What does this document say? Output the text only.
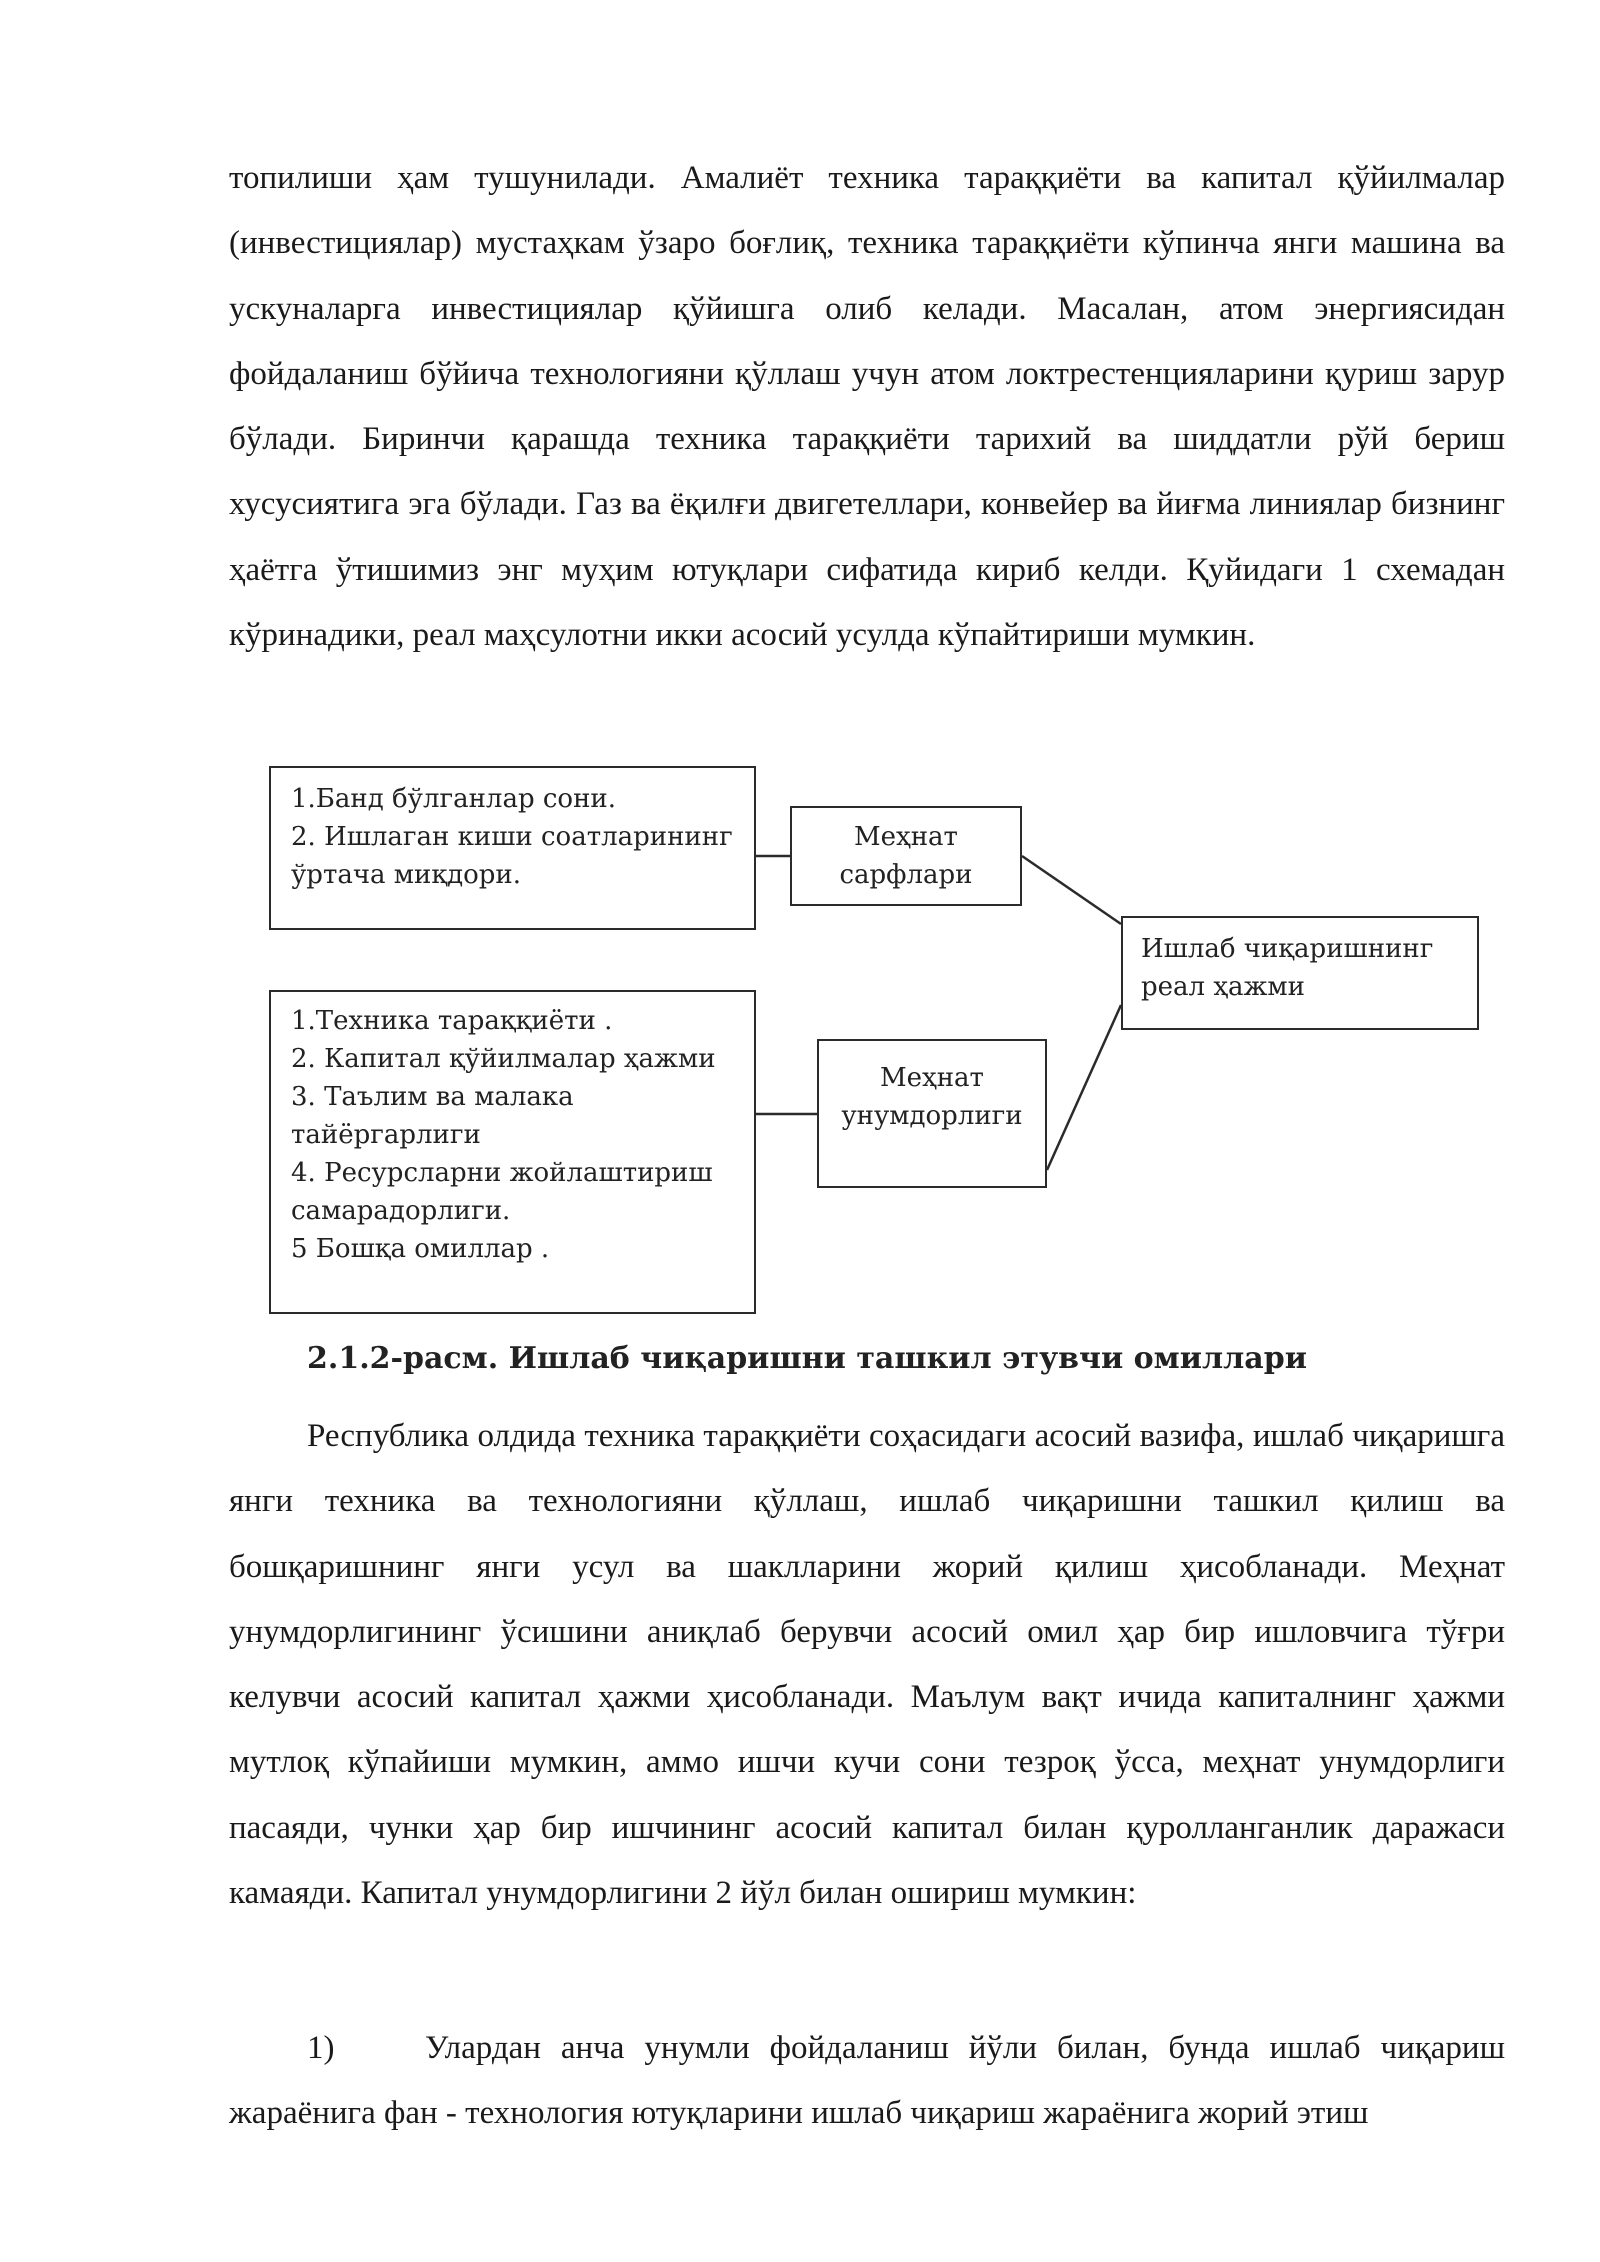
топилиши ҳам тушунилади. Амалиёт техника тараққиёти ва капитал қўйилмалар (инвестициялар) мустаҳкам ўзаро боғлиқ, техника тараққиёти кўпинча янги машина ва ускуналарга инвестициялар қўйишга олиб келади. Масалан, атом энергиясидан фойдаланиш бўйича технологияни қўллаш учун атом локтрестенцияларини қуриш зарур бўлади. Биринчи қарашда техника тараққиёти тарихий ва шиддатли рўй бериш хусусиятига эга бўлади. Газ ва ёқилғи двигетеллари, конвейер ва йиғма линиялар бизнинг ҳаётга ўтишимиз энг муҳим ютуқлари сифатида кириб келди. Қуйидаги 1 схемадан кўринадики, реал маҳсулотни икки асосий усулда кўпайтириши мумкин.

1.Банд бўлганлар сони.
2. Ишлаган киши соатларининг
ўртача миқдори.
1.Техника тараққиёти .
2. Капитал қўйилмалар ҳажми
3. Таълим ва малака
тайёргарлиги
4. Ресурсларни жойлаштириш
самарадорлиги.
5 Бошқа омиллар .
Меҳнат
сарфлари
Меҳнат
унумдорлиги
Ишлаб чиқаришнинг
реал ҳажми
2.1.2-расм. Ишлаб чиқаришни ташкил этувчи омиллари

Республика олдида техника тараққиёти соҳасидаги асосий вазифа, ишлаб чиқаришга янги техника ва технологияни қўллаш, ишлаб чиқаришни ташкил қилиш ва бошқаришнинг янги усул ва шаклларини жорий қилиш ҳисобланади. Меҳнат унумдорлигининг ўсишини аниқлаб берувчи асосий омил ҳар бир ишловчига тўғри келувчи асосий капитал ҳажми ҳисобланади. Маълум вақт ичида капиталнинг ҳажми мутлоқ кўпайиши мумкин, аммо ишчи кучи сони тезроқ ўсса, меҳнат унумдорлиги пасаяди, чунки ҳар бир ишчининг асосий капитал билан қуролланганлик даражаси камаяди. Капитал унумдорлигини 2 йўл билан ошириш мумкин:

1)	Улардан анча унумли фойдаланиш йўли билан, бунда ишлаб чиқариш жараёнига фан - технология ютуқларини ишлаб чиқариш жараёнига жорий этиш
